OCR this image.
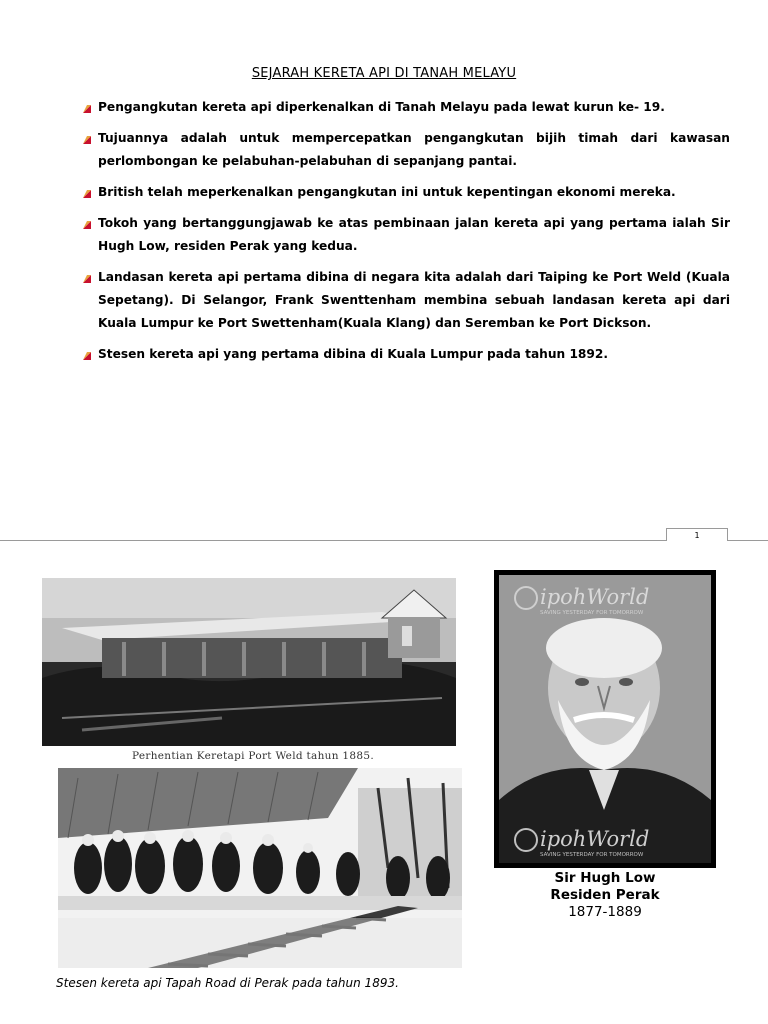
SEJARAH KERETA API DI TANAH MELAYU
Pengangkutan kereta api diperkenalkan di Tanah Melayu pada lewat kurun ke- 19.
Tujuannya adalah untuk mempercepatkan pengangkutan bijih timah dari kawasan perlombongan ke pelabuhan-pelabuhan di sepanjang pantai.
British telah meperkenalkan pengangkutan ini untuk kepentingan ekonomi mereka.
Tokoh yang bertanggungjawab ke atas pembinaan jalan kereta api yang pertama ialah Sir Hugh Low, residen Perak yang kedua.
Landasan kereta api pertama dibina di negara kita adalah dari Taiping ke Port Weld (Kuala Sepetang). Di Selangor, Frank Swenttenham membina sebuah landasan kereta api dari Kuala Lumpur ke Port Swettenham(Kuala Klang) dan Seremban ke Port Dickson.
Stesen kereta api yang pertama dibina di Kuala Lumpur pada tahun 1892.
1
Perhentian Keretapi Port Weld tahun 1885.
Stesen kereta api Tapah Road di Perak pada tahun 1893.
ipohWorld
SAVING YESTERDAY FOR TOMORROW
ipohWorld
SAVING YESTERDAY FOR TOMORROW
Sir Hugh Low
Residen Perak
1877-1889
